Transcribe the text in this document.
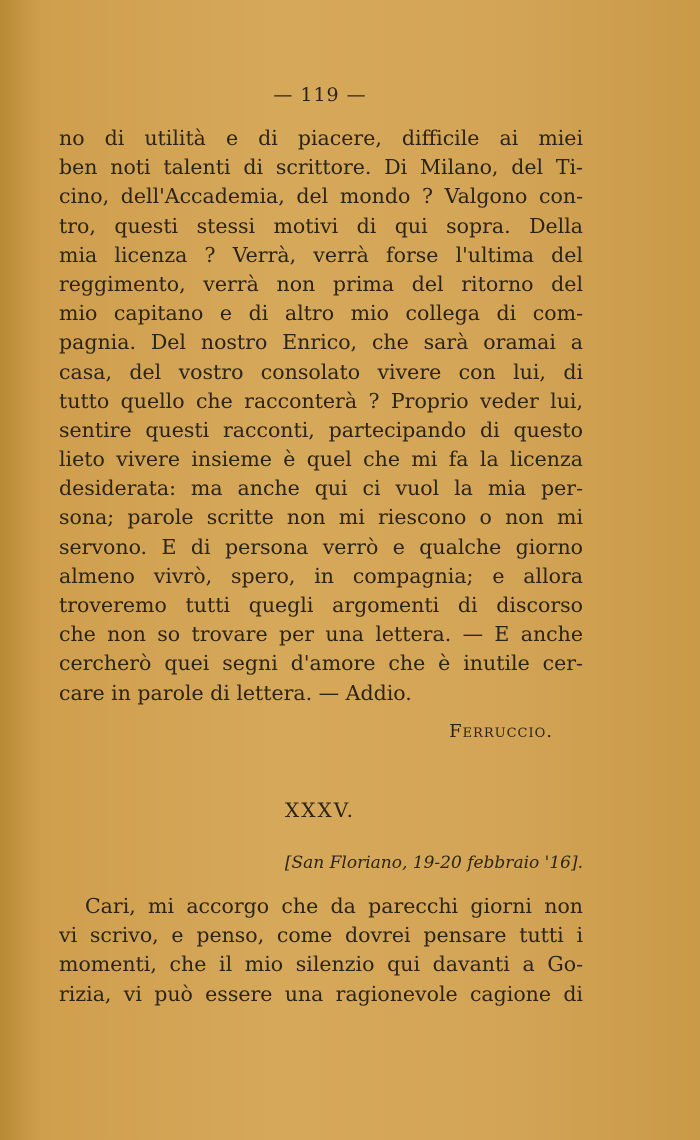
— 119 —
no di utilità e di piacere, difficile ai miei
ben noti talenti di scrittore. Di Milano, del Ti-
cino, dell'Accademia, del mondo ? Valgono con-
tro, questi stessi motivi di qui sopra. Della
mia licenza ? Verrà, verrà forse l'ultima del
reggimento, verrà non prima del ritorno del
mio capitano e di altro mio collega di com-
pagnia. Del nostro Enrico, che sarà oramai a
casa, del vostro consolato vivere con lui, di
tutto quello che racconterà ? Proprio veder lui,
sentire questi racconti, partecipando di questo
lieto vivere insieme è quel che mi fa la licenza
desiderata: ma anche qui ci vuol la mia per-
sona; parole scritte non mi riescono o non mi
servono. E di persona verrò e qualche giorno
almeno vivrò, spero, in compagnia; e allora
troveremo tutti quegli argomenti di discorso
che non so trovare per una lettera. — E anche
cercherò quei segni d'amore che è inutile cer-
care in parole di lettera. — Addio.
Ferruccio.
XXXV.
[San Floriano, 19-20 febbraio '16].
Cari, mi accorgo che da parecchi giorni non
vi scrivo, e penso, come dovrei pensare tutti i
momenti, che il mio silenzio qui davanti a Go-
rizia, vi può essere una ragionevole cagione di
